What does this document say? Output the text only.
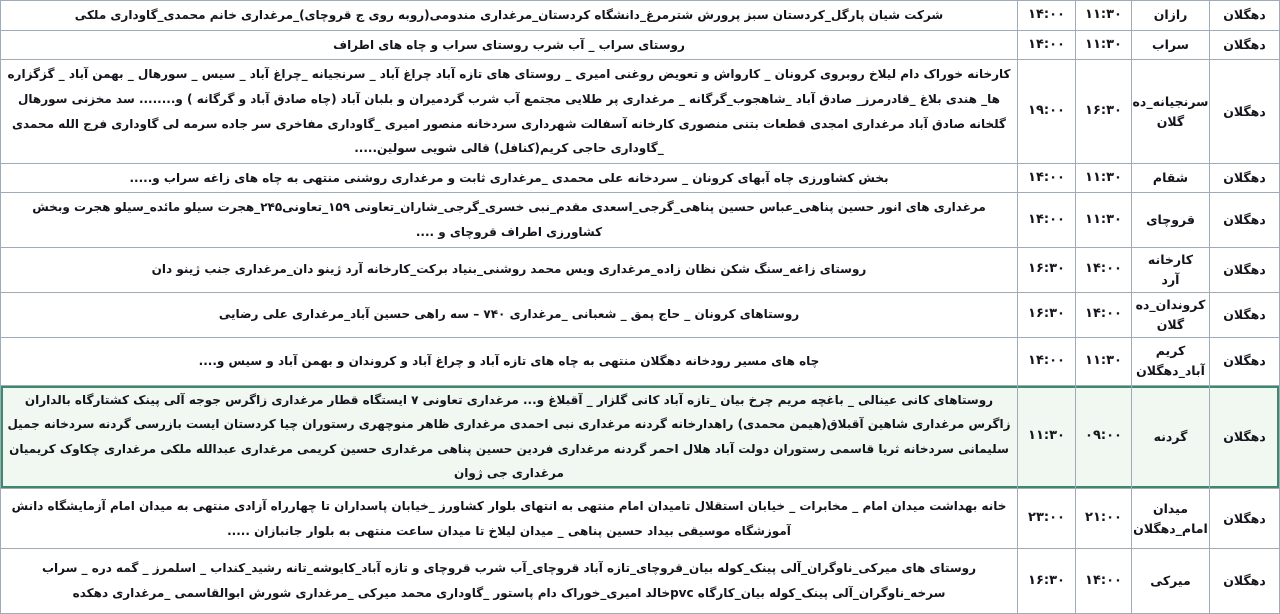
دهگلان
رازان
۱۱:۳۰
۱۴:۰۰
شرکت شیان پارگل_کردستان سبز پرورش شترمرغ_دانشگاه کردستان_مرغداری مندومی(روبه روی ج قروچای)_مرغداری خانم محمدی_گاوداری ملکی
دهگلان
سراب
۱۱:۳۰
۱۴:۰۰
روستای سراب _ آب شرب روستای سراب و چاه های اطراف
دهگلان
سرنجیانه_ده گلان
۱۶:۳۰
۱۹:۰۰
کارخانه خوراک دام لیلاخ روبروی کرونان _ کارواش و تعویض روغنی امیری _ روستای های تازه آباد چراغ آباد _ سرنجیانه _چراغ آباد _ سیس _ سورهال _ بهمن آباد _ گزگزاره ها_ هندی بلاغ _قادرمرز_ صادق آباد _شاهجوب_گرگانه _ مرغداری پر طلایی مجتمع آب شرب گردمیران و بلبان آباد (چاه صادق آباد و گرگانه ) و........ سد مخزنی سورهال گلخانه صادق آباد مرغداری امجدی قطعات بتنی منصوری کارخانه آسفالت شهرداری سردخانه منصور امیری _گاوداری مفاخری سر جاده سرمه لی گاوداری فرج الله محمدی _گاوداری حاجی کریم(کنافل) قالی شویی سولین.....
دهگلان
شقام
۱۱:۳۰
۱۴:۰۰
بخش کشاورزی چاه آبهای کرونان _ سردخانه علی محمدی _مرغداری ثابت و مرغداری روشنی منتهی به چاه های زاغه سراب و.....
دهگلان
قروچای
۱۱:۳۰
۱۴:۰۰
مرغداری های انور حسین پناهی_عباس حسین پناهی_گرجی_اسعدی مقدم_نبی خسری_گرجی_شاران_تعاونی ۱۵۹_تعاونی۲۴۵_هجرت سیلو مائده_سیلو هجرت وبخش کشاورزی اطراف قروچای و ....
دهگلان
کارخانه آرد
۱۴:۰۰
۱۶:۳۰
روستای زاغه_سنگ شکن نظان زاده_مرغداری ویس محمد روشنی_بنیاد برکت_کارخانه آرد ژینو دان_مرغداری جنب ژینو دان
دهگلان
کروندان_ده گلان
۱۴:۰۰
۱۶:۳۰
روستاهای کرونان _ حاج پمق _ شعبانی _مرغداری ۷۴۰ – سه راهی حسین آباد_مرغداری علی رضایی
دهگلان
کریم آباد_دهگلان
۱۱:۳۰
۱۴:۰۰
چاه های مسیر رودخانه دهگلان منتهی به چاه های تازه آباد و چراغ آباد و کروندان و بهمن آباد و سیس و....
دهگلان
گردنه
۰۹:۰۰
۱۱:۳۰
روستاهای کانی عینالی _ باغچه مریم چرخ بیان _تازه آباد کانی گلزار _ آقبلاغ و... مرغداری تعاونی ۷ ایستگاه قطار مرغداری زاگرس جوجه آلی پینک کشتارگاه بالداران زاگرس مرغداری شاهین آقبلاق(هیمن محمدی) راهدارخانه گردنه مرغداری نبی احمدی مرغداری ظاهر منوچهری رستوران چیا کردستان ایست بازرسی گردنه سردخانه جمیل سلیمانی سردخانه ثریا قاسمی رستوران دولت آباد هلال احمر گردنه مرغداری فردین حسین پناهی مرغداری حسین کریمی مرغداری عبدالله ملکی مرغداری چکاوک کریمیان مرغداری جی ژوان
دهگلان
میدان امام_دهگلان
۲۱:۰۰
۲۳:۰۰
خانه بهداشت میدان امام _ مخابرات _ خیابان استقلال تامیدان امام منتهی به انتهای بلوار کشاورز _خیابان پاسداران تا چهارراه آزادی منتهی به میدان امام آزمایشگاه دانش آموزشگاه موسیقی بیداد حسین پناهی _ میدان لیلاخ تا میدان ساعت منتهی به بلوار جانبازان .....
دهگلان
میرکی
۱۴:۰۰
۱۶:۳۰
روستای های میرکی_ناوگران_آلی پینک_کوله بیان_قروچای_تازه آباد قروچای_آب شرب قروچای و تازه آباد_کایوشه_تانه رشید_کنداب _ اسلمرز _ گمه دره _ سراب سرخه_ناوگران_آلی پینک_کوله بیان_کارگاه pvcخالد امیری_خوراک دام پاستور _گاوداری محمد میرکی _مرغداری شورش ابوالقاسمی _مرغداری دهکده
